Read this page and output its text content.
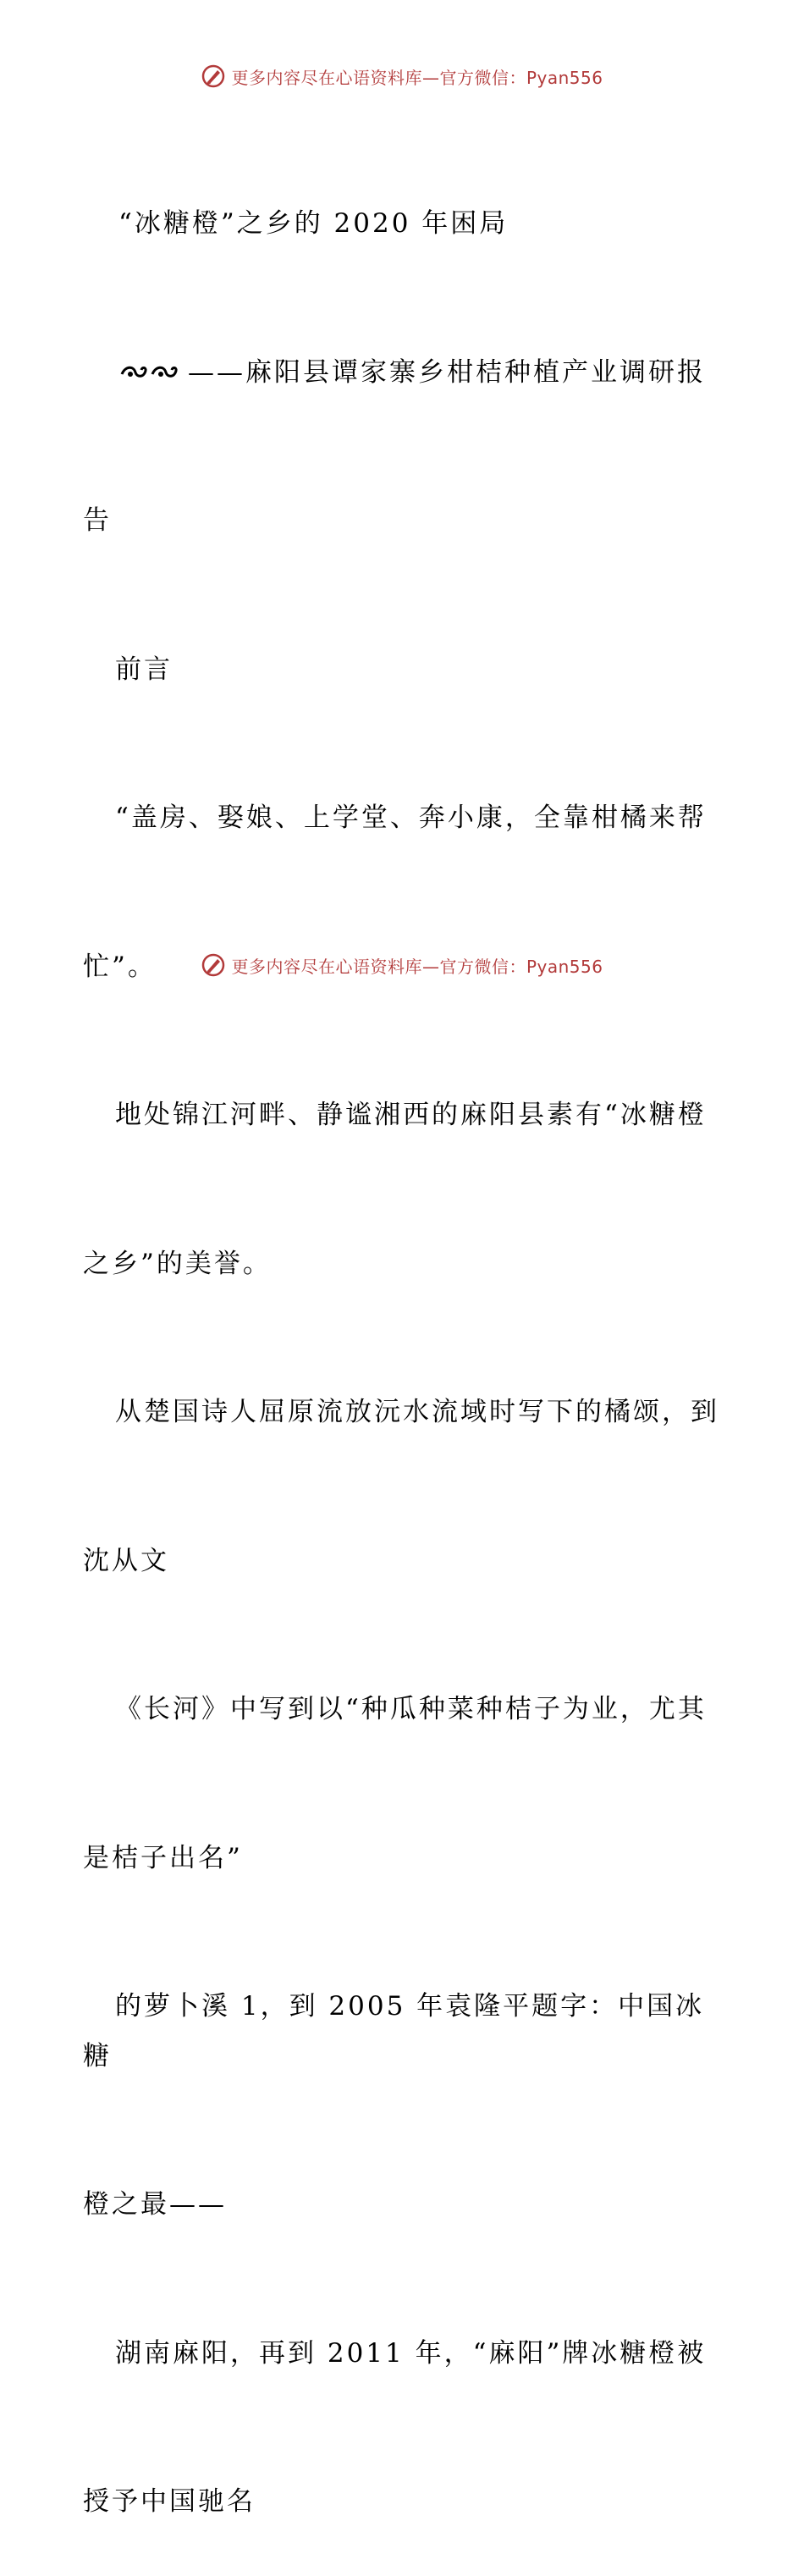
更多内容尽在心语资料库—官方微信：Pyan556

“冰糖橙”之乡的 2020 年困局

——麻阳县谭家寨乡柑桔种植产业调研报

告

前言

“盖房、娶娘、上学堂、奔小康，全靠柑橘来帮

忙”。

地处锦江河畔、静谧湘西的麻阳县素有“冰糖橙

之乡”的美誉。

从楚国诗人屈原流放沅水流域时写下的橘颂，到

沈从文

《长河》中写到以“种瓜种菜种桔子为业，尤其

是桔子出名”

的萝卜溪 1，到 2005 年袁隆平题字：中国冰糖

橙之最——

湖南麻阳，再到 2011 年，“麻阳”牌冰糖橙被

授予中国驰名

更多内容尽在心语资料库—官方微信：Pyan556
